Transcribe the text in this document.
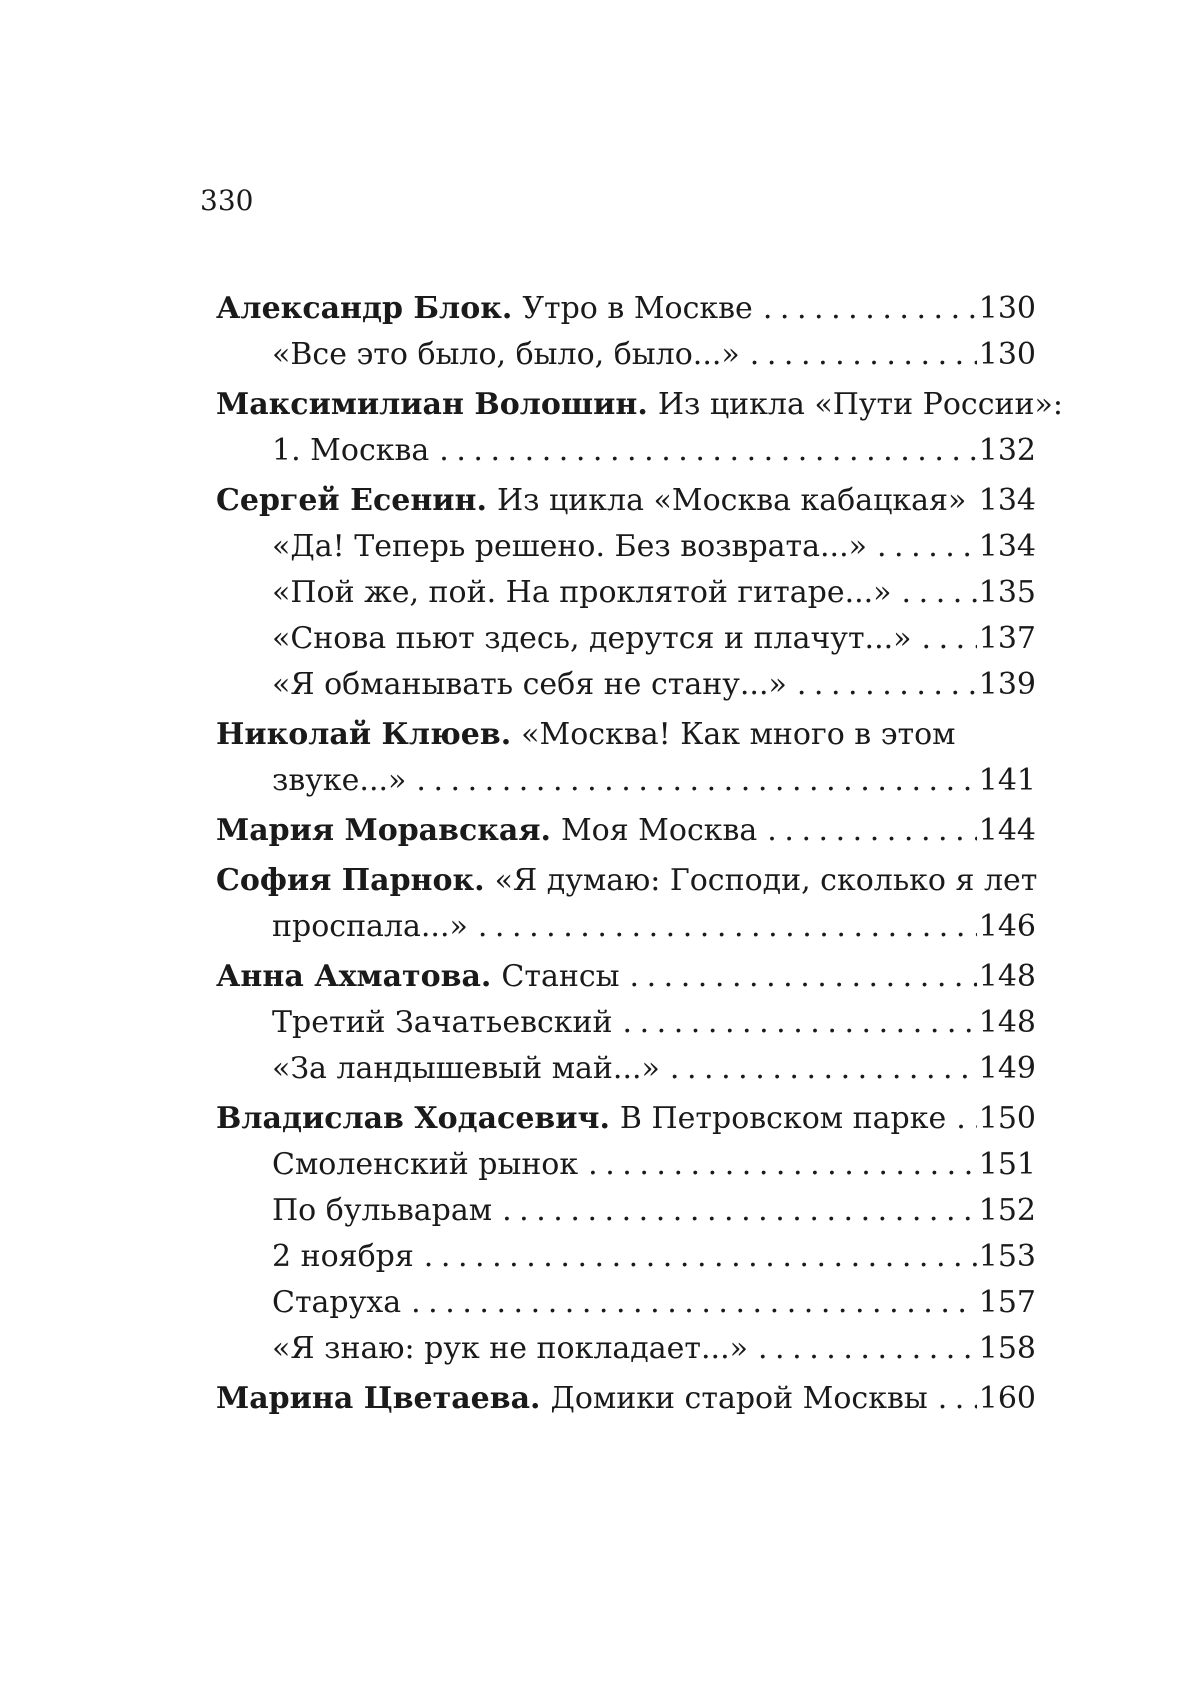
330
Александр Блок. Утро в Москве . . .	130
«Все это было, было, было...» . . .	130
Максимилиан Волошин. Из цикла «Пути России»:
1. Москва . . .	132
Сергей Есенин. Из цикла «Москва кабацкая» . . . 134
«Да! Теперь решено. Без возврата...» . . .	134
«Пой же, пой. На проклятой гитаре...» . . .	135
«Снова пьют здесь, дерутся и плачут...» . . . 137
«Я обманывать себя не стану...» . . .	139
Николай Клюев. «Москва! Как много в этом
звуке...» . . .	141
Мария Моравская. Моя Москва . . .	144
София Парнок. «Я думаю: Господи, сколько я лет
проспала...» . . .	146
Анна Ахматова. Стансы . . .	148
Третий Зачатьевский . . .	148
«За ландышевый май...» . . .	149
Владислав Ходасевич. В Петровском парке . . . 150
Смоленский рынок . . .	151
По бульварам . . .	152
2 ноября . . .	153
Старуха . . .	157
«Я знаю: рук не покладает...» . . .	158
Марина Цветаева. Домики старой Москвы . . . 160
